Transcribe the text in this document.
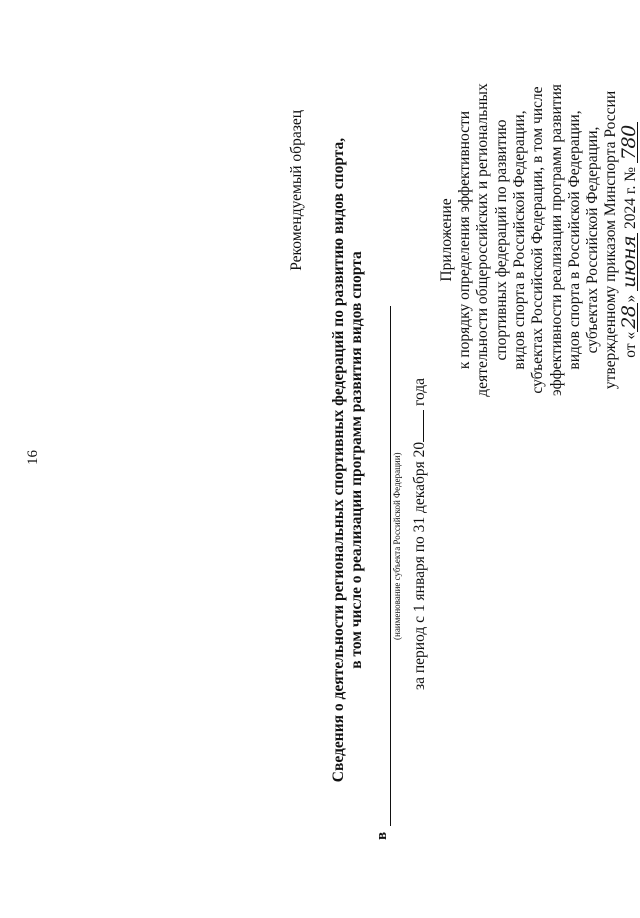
16
Приложение к порядку определения эффективности деятельности общероссийских и региональных спортивных федераций по развитию видов спорта в Российской Федерации, субъектах Российской Федерации, в том числе эффективности реализации программ развития видов спорта в Российской Федерации, субъектах Российской Федерации, утвержденному приказом Минспорта России от «28» июня 2024 г. № 780
Рекомендуемый образец Сведения о деятельности региональных спортивных федераций по развитию видов спорта, в том числе о реализации программ развития видов спорта
в
(наименование субъекта Российской Федерации) за период с 1 января по 31 декабря 20 года
